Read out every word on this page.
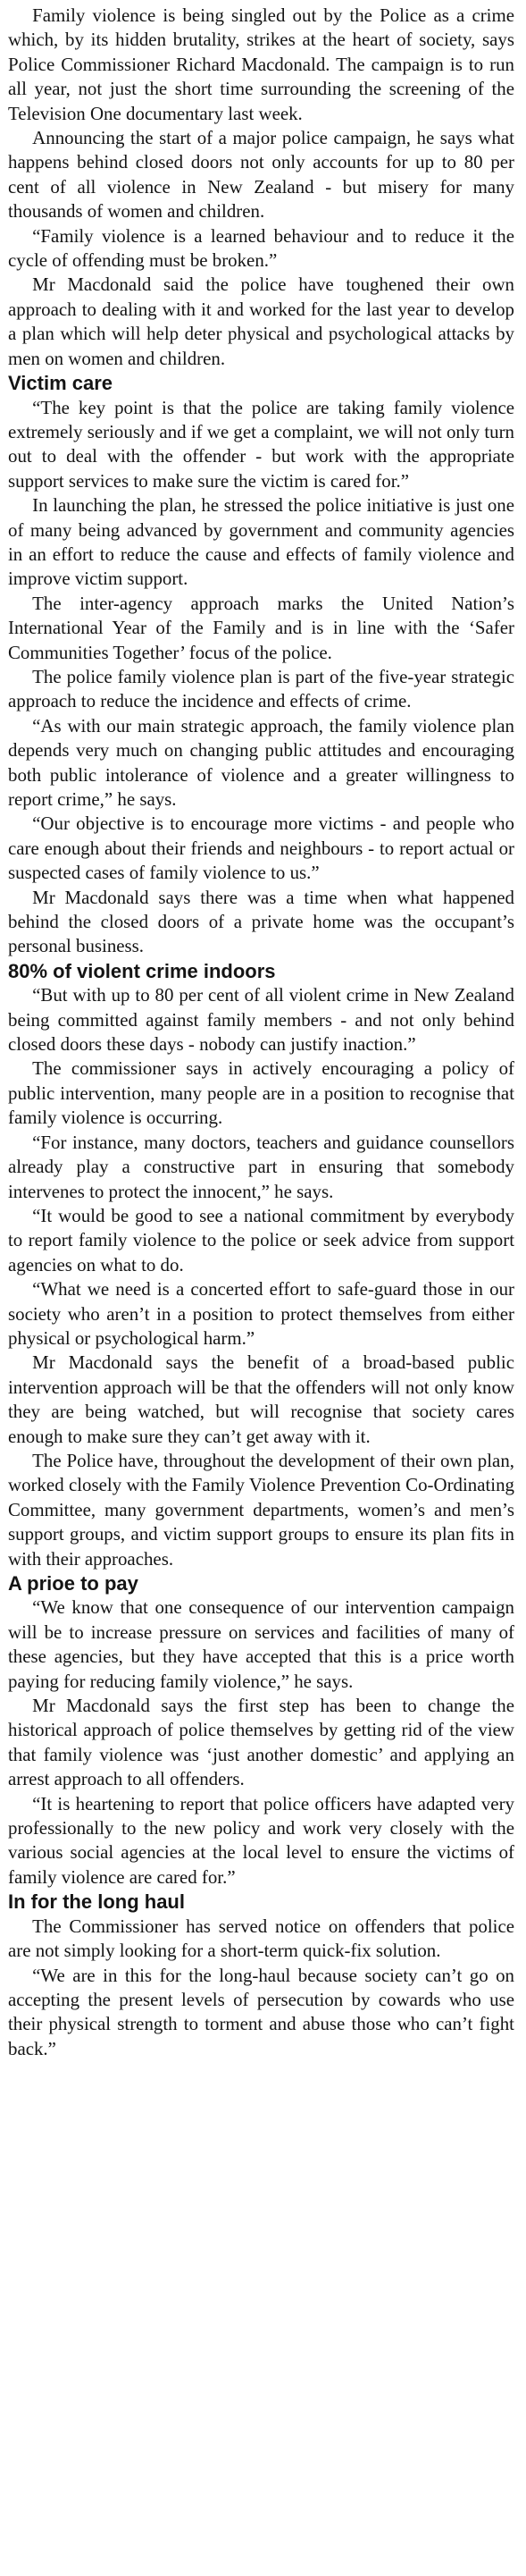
Family violence is being singled out by the Police as a crime which, by its hidden brutality, strikes at the heart of society, says Police Commissioner Richard Macdonald. The campaign is to run all year, not just the short time surrounding the screening of the Television One documentary last week.

Announcing the start of a major police campaign, he says what happens behind closed doors not only accounts for up to 80 per cent of all violence in New Zealand - but misery for many thousands of women and children.

“Family violence is a learned behaviour and to reduce it the cycle of offending must be broken.”

Mr Macdonald said the police have toughened their own approach to dealing with it and worked for the last year to develop a plan which will help deter physical and psychological attacks by men on women and children.

Victim care

“The key point is that the police are taking family violence extremely seriously and if we get a complaint, we will not only turn out to deal with the offender - but work with the appropriate support services to make sure the victim is cared for.”

In launching the plan, he stressed the police initiative is just one of many being advanced by government and community agencies in an effort to reduce the cause and effects of family violence and improve victim support.

The inter-agency approach marks the United Nation’s International Year of the Family and is in line with the ‘Safer Communities Together’ focus of the police.

The police family violence plan is part of the five-year strategic approach to reduce the incidence and effects of crime.

“As with our main strategic approach, the family violence plan depends very much on changing public attitudes and encouraging both public intolerance of violence and a greater willingness to report crime,” he says.

“Our objective is to encourage more victims - and people who care enough about their friends and neighbours - to report actual or suspected cases of family violence to us.”

Mr Macdonald says there was a time when what happened behind the closed doors of a private home was the occupant’s personal business.

80% of violent crime indoors

“But with up to 80 per cent of all violent crime in New Zealand being committed against family members - and not only behind closed doors these days - nobody can justify inaction.”

The commissioner says in actively encouraging a policy of public intervention, many people are in a position to recognise that family violence is occurring.

“For instance, many doctors, teachers and guidance counsellors already play a constructive part in ensuring that somebody intervenes to protect the innocent,” he says.

“It would be good to see a national commitment by everybody to report family violence to the police or seek advice from support agencies on what to do.

“What we need is a concerted effort to safe-guard those in our society who aren’t in a position to protect themselves from either physical or psychological harm.”

Mr Macdonald says the benefit of a broad-based public intervention approach will be that the offenders will not only know they are being watched, but will recognise that society cares enough to make sure they can’t get away with it.

The Police have, throughout the development of their own plan, worked closely with the Family Violence Prevention Co-Ordinating Committee, many government departments, women’s and men’s support groups, and victim support groups to ensure its plan fits in with their approaches.

A prioe to pay

“We know that one consequence of our intervention campaign will be to increase pressure on services and facilities of many of these agencies, but they have accepted that this is a price worth paying for reducing family violence,” he says.

Mr Macdonald says the first step has been to change the historical approach of police themselves by getting rid of the view that family violence was ‘just another domestic’ and applying an arrest approach to all offenders.

“It is heartening to report that police officers have adapted very professionally to the new policy and work very closely with the various social agencies at the local level to ensure the victims of family violence are cared for.”

In for the long haul

The Commissioner has served notice on offenders that police are not simply looking for a short-term quick-fix solution.

“We are in this for the long-haul because society can’t go on accepting the present levels of persecution by cowards who use their physical strength to torment and abuse those who can’t fight back.”
